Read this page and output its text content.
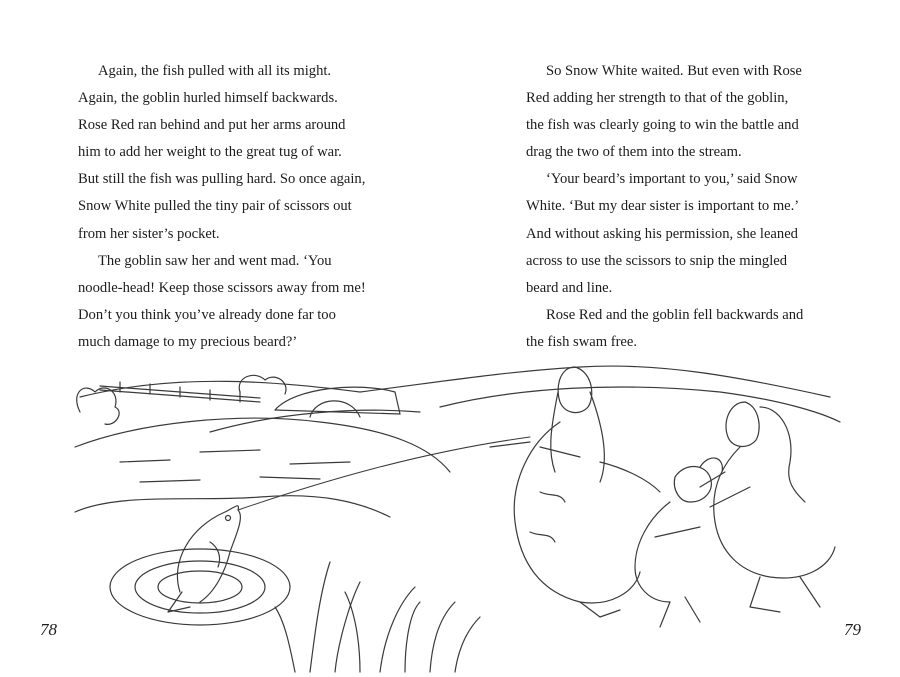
Again, the fish pulled with all its might.
Again, the goblin hurled himself backwards.
Rose Red ran behind and put her arms around
him to add her weight to the great tug of war.
But still the fish was pulling hard. So once again,
Snow White pulled the tiny pair of scissors out
from her sister’s pocket.

The goblin saw her and went mad. ‘You
noodle-head! Keep those scissors away from me!
Don’t you think you’ve already done far too
much damage to my precious beard?’

So Snow White waited. But even with Rose
Red adding her strength to that of the goblin,
the fish was clearly going to win the battle and
drag the two of them into the stream.

‘Your beard’s important to you,’ said Snow
White. ‘But my dear sister is important to me.’
And without asking his permission, she leaned
across to use the scissors to snip the mingled
beard and line.

Rose Red and the goblin fell backwards and
the fish swam free.

78	79
